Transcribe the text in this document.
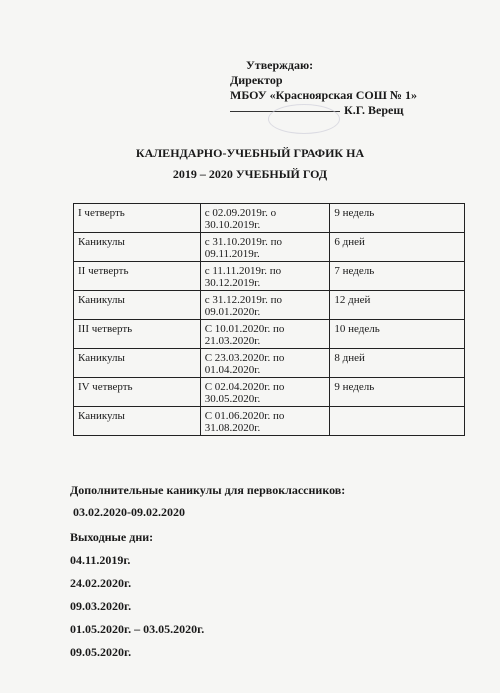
Утверждаю:
Директор
МБОУ «Красноярская СОШ № 1»
К.Г. Верещ
КАЛЕНДАРНО-УЧЕБНЫЙ ГРАФИК НА
2019 – 2020 УЧЕБНЫЙ ГОД
I четверть	с 02.09.2019г. о 30.10.2019г.	9 недель
Каникулы	с 31.10.2019г. по 09.11.2019г.	6 дней
II четверть	с 11.11.2019г. по 30.12.2019г.	7 недель
Каникулы	с 31.12.2019г. по 09.01.2020г.	12 дней
III четверть	С 10.01.2020г. по 21.03.2020г.	10 недель
Каникулы	С 23.03.2020г. по 01.04.2020г.	8 дней
IV четверть	С 02.04.2020г. по 30.05.2020г.	9 недель
Каникулы	С 01.06.2020г. по 31.08.2020г.	
Дополнительные каникулы для первоклассников:
03.02.2020-09.02.2020
Выходные дни:
04.11.2019г.
24.02.2020г.
09.03.2020г.
01.05.2020г. – 03.05.2020г.
09.05.2020г.
